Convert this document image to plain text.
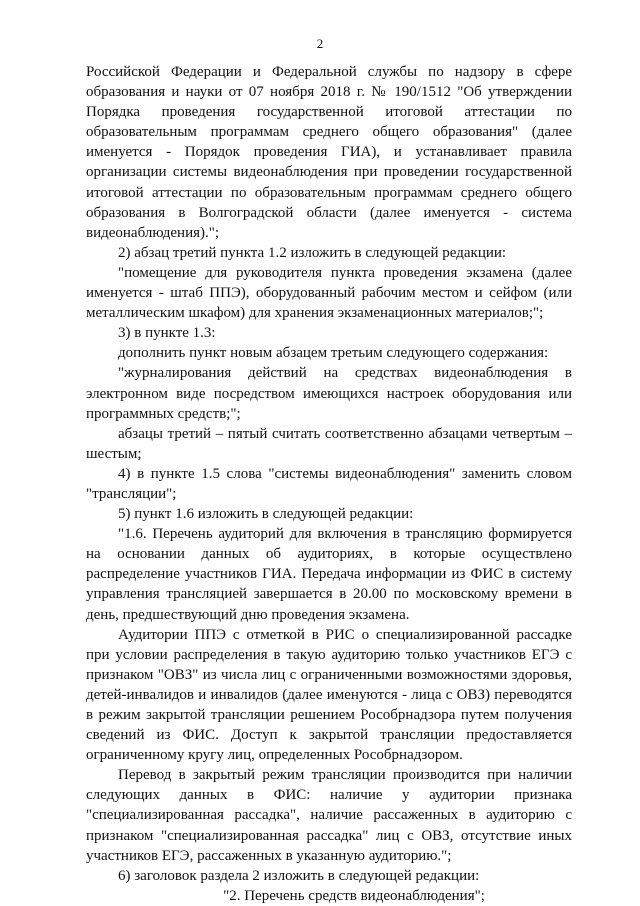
2

Российской Федерации и Федеральной службы по надзору в сфере образования и науки от 07 ноября 2018 г. № 190/1512 "Об утверждении Порядка проведения государственной итоговой аттестации по образовательным программам среднего общего образования" (далее именуется - Порядок проведения ГИА), и устанавливает правила организации системы видеонаблюдения при проведении государственной итоговой аттестации по образовательным программам среднего общего образования в Волгоградской области (далее именуется - система видеонаблюдения).";

2) абзац третий пункта 1.2 изложить в следующей редакции:

"помещение для руководителя пункта проведения экзамена (далее именуется - штаб ППЭ), оборудованный рабочим местом и сейфом (или металлическим шкафом) для хранения экзаменационных материалов;";

3) в пункте 1.3:

дополнить пункт новым абзацем третьим следующего содержания:

"журналирования действий на средствах видеонаблюдения в электронном виде посредством имеющихся настроек оборудования или программных средств;";

абзацы третий – пятый считать соответственно абзацами четвертым – шестым;

4) в пункте 1.5 слова "системы видеонаблюдения" заменить словом "трансляции";

5) пункт 1.6 изложить в следующей редакции:

"1.6. Перечень аудиторий для включения в трансляцию формируется на основании данных об аудиториях, в которые осуществлено распределение участников ГИА. Передача информации из ФИС в систему управления трансляцией завершается в 20.00 по московскому времени в день, предшествующий дню проведения экзамена.

Аудитории ППЭ с отметкой в РИС о специализированной рассадке при условии распределения в такую аудиторию только участников ЕГЭ с признаком "ОВЗ" из числа лиц с ограниченными возможностями здоровья, детей-инвалидов и инвалидов (далее именуются - лица с ОВЗ) переводятся в режим закрытой трансляции решением Рособрнадзора путем получения сведений из ФИС. Доступ к закрытой трансляции предоставляется ограниченному кругу лиц, определенных Рособрнадзором.

Перевод в закрытый режим трансляции производится при наличии следующих данных в ФИС: наличие у аудитории признака "специализированная рассадка", наличие рассаженных в аудиторию с признаком "специализированная рассадка" лиц с ОВЗ, отсутствие иных участников ЕГЭ, рассаженных в указанную аудиторию.";

6) заголовок раздела 2 изложить в следующей редакции:

"2. Перечень средств видеонаблюдения";
